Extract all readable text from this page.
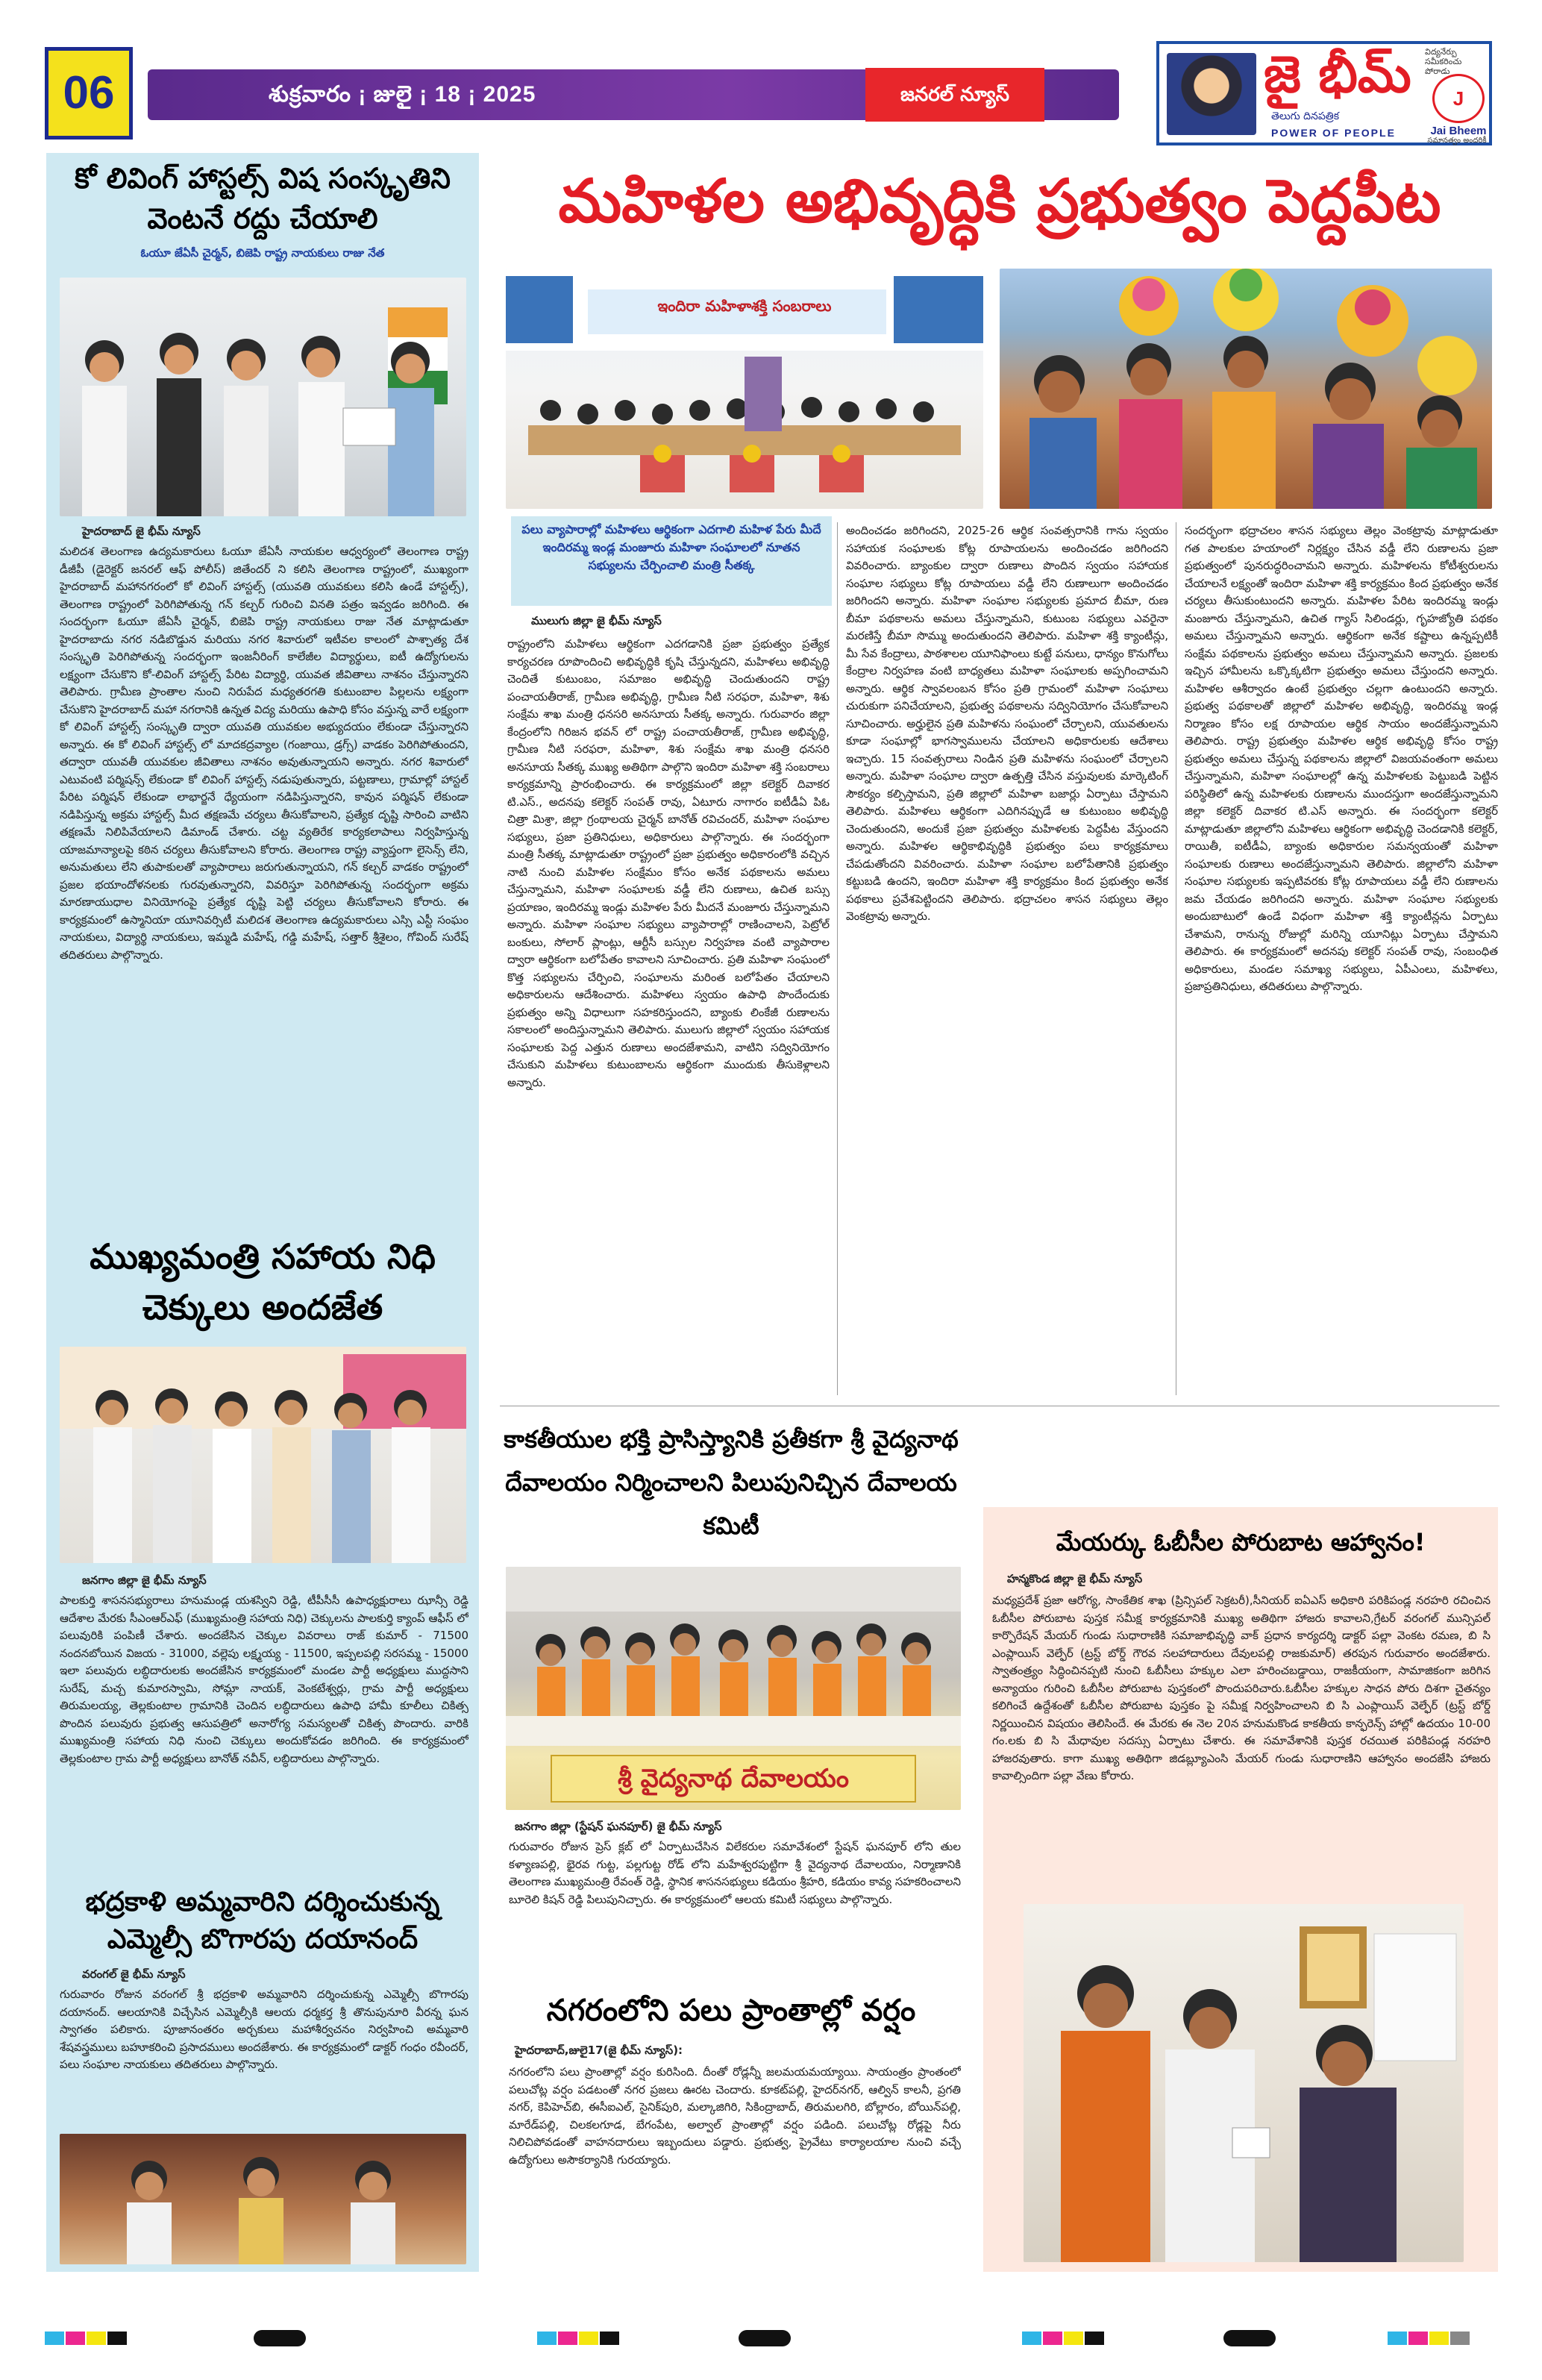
06	శుక్రవారం ¡ జులై ¡ 18 ¡ 2025	జనరల్ న్యూస్	జై భీమ్
తెలుగు దినపత్రిక
POWER OF PEOPLE
విద్యనేర్పు సమీకరించు పోరాడు
J
Jai Bheem
సమానత్వం అందరికీ
కో లివింగ్ హాస్టల్స్ విష సంస్కృతిని వెంటనే రద్దు చేయాలి
ఓయూ జేఏసీ చైర్మన్, బిజెపి రాష్ట్ర నాయకులు రాజు నేత
హైదరాబాద్ జై భీమ్ న్యూస్
మలిదశ తెలంగాణ ఉద్యమకారులు ఓయూ జేఏసీ నాయకుల ఆధ్వర్యంలో తెలంగాణ రాష్ట్ర డీజీపీ (డైరెక్టర్ జనరల్ ఆఫ్ పోలీస్) జితేందర్ ని కలిసి తెలంగాణ రాష్ట్రంలో, ముఖ్యంగా హైదరాబాద్ మహానగరంలో కో లివింగ్ హాస్టల్స్ (యువతి యువకులు కలిసి ఉండే హాస్టల్స్), తెలంగాణ రాష్ట్రంలో పెరిగిపోతున్న గన్ కల్చర్ గురించి వినతి పత్రం ఇవ్వడం జరిగింది. ఈ సందర్భంగా ఓయూ జేఏసీ చైర్మన్, బిజెపి రాష్ట్ర నాయకులు రాజు నేత మాట్లాడుతూ హైదరాబాదు నగర నడిబొడ్డున మరియు నగర శివారులో ఇటీవల కాలంలో పాశ్చాత్య దేశ సంస్కృతి పెరిగిపోతున్న సందర్భంగా ఇంజనీరింగ్ కాలేజీల విద్యార్థులు, ఐటీ ఉద్యోగులను లక్ష్యంగా చేసుకొని కో-లివింగ్ హాస్టల్స్ పేరిట విద్యార్థి, యువత జీవితాలు నాశనం చేస్తున్నారని తెలిపారు. గ్రామీణ ప్రాంతాల నుంచి నిరుపేద మధ్యతరగతి కుటుంబాల పిల్లలను లక్ష్యంగా చేసుకొని హైదరాబాద్ మహా నగరానికి ఉన్నత విద్య మరియు ఉపాధి కోసం వస్తున్న వారే లక్ష్యంగా కో లివింగ్ హాస్టల్స్ సంస్కృతి ద్వారా యువతి యువకుల అభ్యుదయం లేకుండా చేస్తున్నారని అన్నారు. ఈ కో లివింగ్ హాస్టల్స్ లో మాదకద్రవ్యాల (గంజాయి, డ్రగ్స్) వాడకం పెరిగిపోతుందని, తద్వారా యువతీ యువకుల జీవితాలు నాశనం అవుతున్నాయని అన్నారు. నగర శివారులో ఎటువంటి పర్మిషన్స్ లేకుండా కో లివింగ్ హాస్టల్స్ నడుపుతున్నారు, పట్టణాలు, గ్రామాల్లో హాస్టల్ పేరిట పర్మిషన్ లేకుండా లాభార్జనే ధ్యేయంగా నడిపిస్తున్నారని, కావున పర్మిషన్ లేకుండా నడిపిస్తున్న అక్రమ హాస్టల్స్ మీద తక్షణమే చర్యలు తీసుకోవాలని, ప్రత్యేక దృష్టి సారించి వాటిని తక్షణమే నిలిపివేయాలని డిమాండ్ చేశారు. చట్ట వ్యతిరేక కార్యకలాపాలు నిర్వహిస్తున్న యాజమాన్యాలపై కఠిన చర్యలు తీసుకోవాలని కోరారు. తెలంగాణ రాష్ట్ర వ్యాప్తంగా లైసెన్స్ లేని, అనుమతులు లేని తుపాకులతో వ్యాపారాలు జరుగుతున్నాయని, గన్ కల్చర్ వాడకం రాష్ట్రంలో ప్రజల భయాందోళనలకు గురవుతున్నారని, వివరిస్తూ పెరిగిపోతున్న సందర్భంగా అక్రమ మారణాయుధాల వినియోగంపై ప్రత్యేక దృష్టి పెట్టి చర్యలు తీసుకోవాలని కోరారు. ఈ కార్యక్రమంలో ఉస్మానియా యూనివర్సిటీ మలిదశ తెలంగాణ ఉద్యమకారులు ఎస్సి ఎస్టీ సంఘం నాయకులు, విద్యార్థి నాయకులు, ఇమ్మడి మహేష్, గడ్డి మహేష్, సత్తార్ శ్రీశైలం, గోవింద్ సురేష్ తదితరులు పాల్గొన్నారు.
ముఖ్యమంత్రి సహాయ నిధి చెక్కులు అందజేత
జనగాం జిల్లా జై భీమ్ న్యూస్
పాలకుర్తి శాసనసభ్యురాలు హనుమండ్ల యశస్విని రెడ్డి, టీపీసీసీ ఉపాధ్యక్షురాలు ఝాన్సీ రెడ్డి ఆదేశాల మేరకు సీఎంఆర్ఎఫ్ (ముఖ్యమంత్రి సహాయ నిధి) చెక్కులను పాలకుర్తి క్యాంప్ ఆఫీస్ లో పలువురికి పంపిణీ చేశారు. అందజేసిన చెక్కుల వివరాలు రాజ్ కుమార్ - 71500 నందనబోయిన విజయ - 31000, వల్లెపు లక్ష్మయ్య - 11500, ఇప్పలపల్లి సరసమ్మ - 15000 ఇలా పలువురు లబ్ధిదారులకు అందజేసిన కార్యక్రమంలో మండల పార్టీ అధ్యక్షులు ముద్దసాని సురేష్, మచ్చ కుమారస్వామి, సోమ్లా నాయక్, వెంకటేశ్వర్లు, గ్రామ పార్టీ అధ్యక్షులు తిరుమలయ్య, తెల్లకుంటాల గ్రామానికి చెందిన లబ్ధిదారులు ఉపాధి హామీ కూలీలు చికిత్స పొందిన పలువురు ప్రభుత్వ ఆసుపత్రిలో అనారోగ్య సమస్యలతో చికిత్స పొందారు. వారికి ముఖ్యమంత్రి సహాయ నిధి నుంచి చెక్కులు అందుకోవడం జరిగింది. ఈ కార్యక్రమంలో తెల్లకుంటాల గ్రామ పార్టీ అధ్యక్షులు బానోత్ నవీన్, లబ్ధిదారులు పాల్గొన్నారు.
భద్రకాళి అమ్మవారిని దర్శించుకున్న ఎమ్మెల్సీ బొగారపు దయానంద్
వరంగల్ జై భీమ్ న్యూస్
గురువారం రోజున వరంగల్ శ్రీ భద్రకాళి అమ్మవారిని దర్శించుకున్న ఎమ్మెల్సీ బొగారపు దయానంద్. ఆలయానికి విచ్చేసిన ఎమ్మెల్సీకి ఆలయ ధర్మకర్త శ్రీ తొనుపునూరి వీరన్న ఘన స్వాగతం పలికారు. పూజానంతరం అర్చకులు మహాశీర్వచనం నిర్వహించి అమ్మవారి శేషవస్త్రములు బహూకరించి ప్రసాదములు అందజేశారు. ఈ కార్యక్రమంలో డాక్టర్ గంధం రవీందర్, పలు సంఘాల నాయకులు తదితరులు పాల్గొన్నారు.
మహిళల అభివృద్ధికి ప్రభుత్వం పెద్దపీట
ఇందిరా మహిళాశక్తి సంబరాలు
పలు వ్యాపారాల్లో మహిళలు ఆర్థికంగా ఎదగాలి మహిళ పేరు మీదే ఇందిరమ్మ ఇండ్ల మంజూరు మహిళా సంఘాలలో నూతన సభ్యులను చేర్పించాలి మంత్రి సీతక్క
ములుగు జిల్లా జై భీమ్ న్యూస్
రాష్ట్రంలోని మహిళలు ఆర్థికంగా ఎదగడానికి ప్రజా ప్రభుత్వం ప్రత్యేక కార్యచరణ రూపొందించి అభివృద్ధికి కృషి చేస్తున్నదని, మహిళలు అభివృద్ధి చెందితే కుటుంబం, సమాజం అభివృద్ధి చెందుతుందని రాష్ట్ర పంచాయతీరాజ్, గ్రామీణ అభివృద్ధి, గ్రామీణ నీటి సరఫరా, మహిళా, శిశు సంక్షేమ శాఖ మంత్రి ధనసరి అనసూయ సీతక్క అన్నారు. గురువారం జిల్లా కేంద్రంలోని గిరిజన భవన్ లో రాష్ట్ర పంచాయతీరాజ్, గ్రామీణ అభివృద్ధి, గ్రామీణ నీటి సరఫరా, మహిళా, శిశు సంక్షేమ శాఖ మంత్రి ధనసరి అనసూయ సీతక్క ముఖ్య అతిథిగా పాల్గొని ఇందిరా మహిళా శక్తి సంబరాలు కార్యక్రమాన్ని ప్రారంభించారు. ఈ కార్యక్రమంలో జిల్లా కలెక్టర్ దివాకర టి.ఎస్., అదనపు కలెక్టర్ సంపత్ రావు, ఏటూరు నాగారం ఐటీడీఏ పిఓ చిత్రా మిశ్రా, జిల్లా గ్రంథాలయ చైర్మన్ బానోత్ రవిచందర్, మహిళా సంఘాల సభ్యులు, ప్రజా ప్రతినిధులు, అధికారులు పాల్గొన్నారు. ఈ సందర్భంగా మంత్రి సీతక్క మాట్లాడుతూ రాష్ట్రంలో ప్రజా ప్రభుత్వం అధికారంలోకి వచ్చిన నాటి నుంచి మహిళల సంక్షేమం కోసం అనేక పథకాలను అమలు చేస్తున్నామని, మహిళా సంఘాలకు వడ్డీ లేని రుణాలు, ఉచిత బస్సు ప్రయాణం, ఇందిరమ్మ ఇండ్లు మహిళల పేరు మీదనే మంజూరు చేస్తున్నామని అన్నారు. మహిళా సంఘాల సభ్యులు వ్యాపారాల్లో రాణించాలని, పెట్రోల్ బంకులు, సోలార్ ప్లాంట్లు, ఆర్టీసీ బస్సుల నిర్వహణ వంటి వ్యాపారాల ద్వారా ఆర్థికంగా బలోపేతం కావాలని సూచించారు. ప్రతి మహిళా సంఘంలో కొత్త సభ్యులను చేర్పించి, సంఘాలను మరింత బలోపేతం చేయాలని అధికారులను ఆదేశించారు. మహిళలు స్వయం ఉపాధి పొందేందుకు ప్రభుత్వం అన్ని విధాలుగా సహకరిస్తుందని, బ్యాంకు లింకేజీ రుణాలను సకాలంలో అందిస్తున్నామని తెలిపారు. ములుగు జిల్లాలో స్వయం సహాయక సంఘాలకు పెద్ద ఎత్తున రుణాలు అందజేశామని, వాటిని సద్వినియోగం చేసుకుని మహిళలు కుటుంబాలను ఆర్థికంగా ముందుకు తీసుకెళ్లాలని అన్నారు.
అందించడం జరిగిందని, 2025-26 ఆర్థిక సంవత్సరానికి గాను స్వయం సహాయక సంఘాలకు కోట్ల రూపాయలను అందించడం జరిగిందని వివరించారు. బ్యాంకుల ద్వారా రుణాలు పొందిన స్వయం సహాయక సంఘాల సభ్యులు కోట్ల రూపాయలు వడ్డీ లేని రుణాలుగా అందించడం జరిగిందని అన్నారు. మహిళా సంఘాల సభ్యులకు ప్రమాద బీమా, రుణ బీమా పథకాలను అమలు చేస్తున్నామని, కుటుంబ సభ్యులు ఎవరైనా మరణిస్తే బీమా సొమ్ము అందుతుందని తెలిపారు. మహిళా శక్తి క్యాంటీన్లు, మీ సేవ కేంద్రాలు, పాఠశాలల యూనిఫాంలు కుట్టే పనులు, ధాన్యం కొనుగోలు కేంద్రాల నిర్వహణ వంటి బాధ్యతలు మహిళా సంఘాలకు అప్పగించామని అన్నారు. ఆర్థిక స్వావలంబన కోసం ప్రతి గ్రామంలో మహిళా సంఘాలు చురుకుగా పనిచేయాలని, ప్రభుత్వ పథకాలను సద్వినియోగం చేసుకోవాలని సూచించారు. అర్హులైన ప్రతి మహిళను సంఘంలో చేర్చాలని, యువతులను కూడా సంఘాల్లో భాగస్వాములను చేయాలని అధికారులకు ఆదేశాలు ఇచ్చారు. 15 సంవత్సరాలు నిండిన ప్రతి మహిళను సంఘంలో చేర్చాలని అన్నారు. మహిళా సంఘాల ద్వారా ఉత్పత్తి చేసిన వస్తువులకు మార్కెటింగ్ సౌకర్యం కల్పిస్తామని, ప్రతి జిల్లాలో మహిళా బజార్లు ఏర్పాటు చేస్తామని తెలిపారు. మహిళలు ఆర్థికంగా ఎదిగినప్పుడే ఆ కుటుంబం అభివృద్ధి చెందుతుందని, అందుకే ప్రజా ప్రభుత్వం మహిళలకు పెద్దపీట వేస్తుందని అన్నారు. మహిళల ఆర్థికాభివృద్ధికి ప్రభుత్వం పలు కార్యక్రమాలు చేపడుతోందని వివరించారు. మహిళా సంఘాల బలోపేతానికి ప్రభుత్వం కట్టుబడి ఉందని, ఇందిరా మహిళా శక్తి కార్యక్రమం కింద ప్రభుత్వం అనేక పథకాలు ప్రవేశపెట్టిందని తెలిపారు. భద్రాచలం శాసన సభ్యులు తెల్లం వెంకట్రావు అన్నారు.
సందర్భంగా భద్రాచలం శాసన సభ్యులు తెల్లం వెంకట్రావు మాట్లాడుతూ గత పాలకుల హయాంలో నిర్లక్ష్యం చేసిన వడ్డీ లేని రుణాలను ప్రజా ప్రభుత్వంలో పునరుద్ధరించామని అన్నారు. మహిళలను కోటీశ్వరులను చేయాలనే లక్ష్యంతో ఇందిరా మహిళా శక్తి కార్యక్రమం కింద ప్రభుత్వం అనేక చర్యలు తీసుకుంటుందని అన్నారు. మహిళల పేరిట ఇందిరమ్మ ఇండ్లు మంజూరు చేస్తున్నామని, ఉచిత గ్యాస్ సిలిండర్లు, గృహజ్యోతి పథకం అమలు చేస్తున్నామని అన్నారు. ఆర్థికంగా అనేక కష్టాలు ఉన్నప్పటికీ సంక్షేమ పథకాలను ప్రభుత్వం అమలు చేస్తున్నామని అన్నారు. ప్రజలకు ఇచ్చిన హామీలను ఒక్కొక్కటిగా ప్రభుత్వం అమలు చేస్తుందని అన్నారు. మహిళల ఆశీర్వాదం ఉంటే ప్రభుత్వం చల్లగా ఉంటుందని అన్నారు. ప్రభుత్వ పథకాలతో జిల్లాలో మహిళల అభివృద్ధి, ఇందిరమ్మ ఇండ్ల నిర్మాణం కోసం లక్ష రూపాయల ఆర్థిక సాయం అందజేస్తున్నామని తెలిపారు. రాష్ట్ర ప్రభుత్వం మహిళల ఆర్థిక అభివృద్ధి కోసం రాష్ట్ర ప్రభుత్వం అమలు చేస్తున్న పథకాలను జిల్లాలో విజయవంతంగా అమలు చేస్తున్నామని, మహిళా సంఘాలల్లో ఉన్న మహిళలకు పెట్టుబడి పెట్టిన పరిస్థితిలో ఉన్న మహిళలకు రుణాలను ముందస్తుగా అందజేస్తున్నామని జిల్లా కలెక్టర్ దివాకర టి.ఎస్ అన్నారు. ఈ సందర్భంగా కలెక్టర్ మాట్లాడుతూ జిల్లాలోని మహిళలు ఆర్థికంగా అభివృద్ధి చెందడానికి కలెక్టర్, రాయితీ, ఐటీడీఏ, బ్యాంకు అధికారుల సమన్వయంతో మహిళా సంఘాలకు రుణాలు అందజేస్తున్నామని తెలిపారు. జిల్లాలోని మహిళా సంఘాల సభ్యులకు ఇప్పటివరకు కోట్ల రూపాయలు వడ్డీ లేని రుణాలను జమ చేయడం జరిగిందని అన్నారు. మహిళా సంఘాల సభ్యులకు అందుబాటులో ఉండే విధంగా మహిళా శక్తి క్యాంటీన్లను ఏర్పాటు చేశామని, రానున్న రోజుల్లో మరిన్ని యూనిట్లు ఏర్పాటు చేస్తామని తెలిపారు. ఈ కార్యక్రమంలో అదనపు కలెక్టర్ సంపత్ రావు, సంబంధిత అధికారులు, మండల సమాఖ్య సభ్యులు, ఏపీఎంలు, మహిళలు, ప్రజాప్రతినిధులు, తదితరులు పాల్గొన్నారు.
కాకతీయుల భక్తి ప్రాసిస్త్యానికి ప్రతీకగా శ్రీ వైద్యనాథ దేవాలయం నిర్మించాలని పిలుపునిచ్చిన దేవాలయ కమిటీ
శ్రీ వైద్యనాథ దేవాలయం
జనగాం జిల్లా (స్టేషన్ ఘనపూర్) జై భీమ్ న్యూస్
గురువారం రోజున ప్రెస్ క్లబ్ లో ఏర్పాటుచేసిన విలేకరుల సమావేశంలో స్టేషన్ ఘనపూర్ లోని తుల కళ్యాణపల్లి, భైరవ గుట్ట, పల్లగుట్ట రోడ్ లోని మహేశ్వరపుట్టిగా శ్రీ వైద్యనాథ దేవాలయం, నిర్మాణానికి తెలంగాణ ముఖ్యమంత్రి రేవంత్ రెడ్డి, స్థానిక శాసనసభ్యులు కడియం శ్రీహరి, కడియం కావ్య సహకరించాలని బూరెలి కిషన్ రెడ్డి పిలుపునిచ్చారు. ఈ కార్యక్రమంలో ఆలయ కమిటీ సభ్యులు పాల్గొన్నారు.
నగరంలోని పలు ప్రాంతాల్లో వర్షం
హైదరాబాద్,జులై17(జై భీమ్ న్యూస్):
నగరంలోని పలు ప్రాంతాల్లో వర్షం కురిసింది. దీంతో రోడ్లన్నీ జలమయమయ్యాయి. సాయంత్రం ప్రాంతంలో పలుచోట్ల వర్షం పడటంతో నగర ప్రజలు ఊరట చెందారు. కూకట్‌పల్లి, హైదర్‌నగర్, ఆల్విన్ కాలనీ, ప్రగతి నగర్, కెపిహెచ్‌బి, ఈసీఐఎల్, సైనిక్‌పురి, మల్కాజిగిరి, సికింద్రాబాద్, తిరుమలగిరి, బోల్లారం, బోయిన్‌పల్లి, మారేడ్‌పల్లి, చిలకలగూడ, బేగంపేట, అల్వాల్ ప్రాంతాల్లో వర్షం పడింది. పలుచోట్ల రోడ్లపై నీరు నిలిచిపోవడంతో వాహనదారులు ఇబ్బందులు పడ్డారు. ప్రభుత్వ, ప్రైవేటు కార్యాలయాల నుంచి వచ్చే ఉద్యోగులు అసౌకర్యానికి గురయ్యారు.
మేయర్కు ఓబీసీల పోరుబాట ఆహ్వానం!
హన్మకొండ జిల్లా జై భీమ్ న్యూస్
మధ్యప్రదేశ్ ప్రజా ఆరోగ్య, సాంకేతిక శాఖ (ప్రిన్సిపల్ సెక్రటరీ),సీనియర్ ఐఏఎస్ అధికారి పరికిపండ్ల నరహరి రచించిన ఓబీసీల పోరుబాట పుస్తక సమీక్ష కార్యక్రమానికి ముఖ్య అతిథిగా హాజరు కావాలని,గ్రేటర్ వరంగల్ మున్సిపల్ కార్పొరేషన్ మేయర్ గుండు సుధారాణికి సమాజాభివృద్ధి వాక్ ప్రధాన కార్యదర్శి డాక్టర్ పల్లా వెంకట రమణ, బి సి ఎంప్లాయిస్ వెల్ఫేర్ (ట్రస్ట్ బోర్డ్ గౌరవ సలహాదారులు దేవులపల్లి రాజకుమార్) తరపున గురువారం అందజేశారు. స్వాతంత్ర్యం సిద్ధించినప్పటి నుంచి ఓబీసీలు హక్కుల ఎలా హరించబడ్డాయి, రాజకీయంగా, సామాజికంగా జరిగిన అన్యాయం గురించి ఓబీసీల పోరుబాట పుస్తకంలో పొందుపరిచారు.ఓబీసీల హక్కుల సాధన పోరు దిశగా చైతన్యం కలిగించే ఉద్దేశంతో ఓబీసీల పోరుబాట పుస్తకం పై సమీక్ష నిర్వహించాలని బి సి ఎంప్లాయిస్ వెల్ఫేర్ (ట్రస్ట్ బోర్డ్ నిర్ణయించిన విషయం తెలిసిందే. ఈ మేరకు ఈ నెల 20న హనుమకొండ కాకతీయ కాన్ఫరెన్స్ హాల్లో ఉదయం 10-00 గం.లకు బి సి మేధావుల సదస్సు ఏర్పాటు చేశారు. ఈ సమావేశానికి పుస్తక రచయిత పరికిపండ్ల నరహరి హాజరవుతారు. కాగా ముఖ్య అతిథిగా జిడబ్ల్యూఎంసి మేయర్ గుండు సుధారాణిని ఆహ్వానం అందజేసి హాజరు కావాల్సిందిగా పల్లా వేణు కోరారు.
